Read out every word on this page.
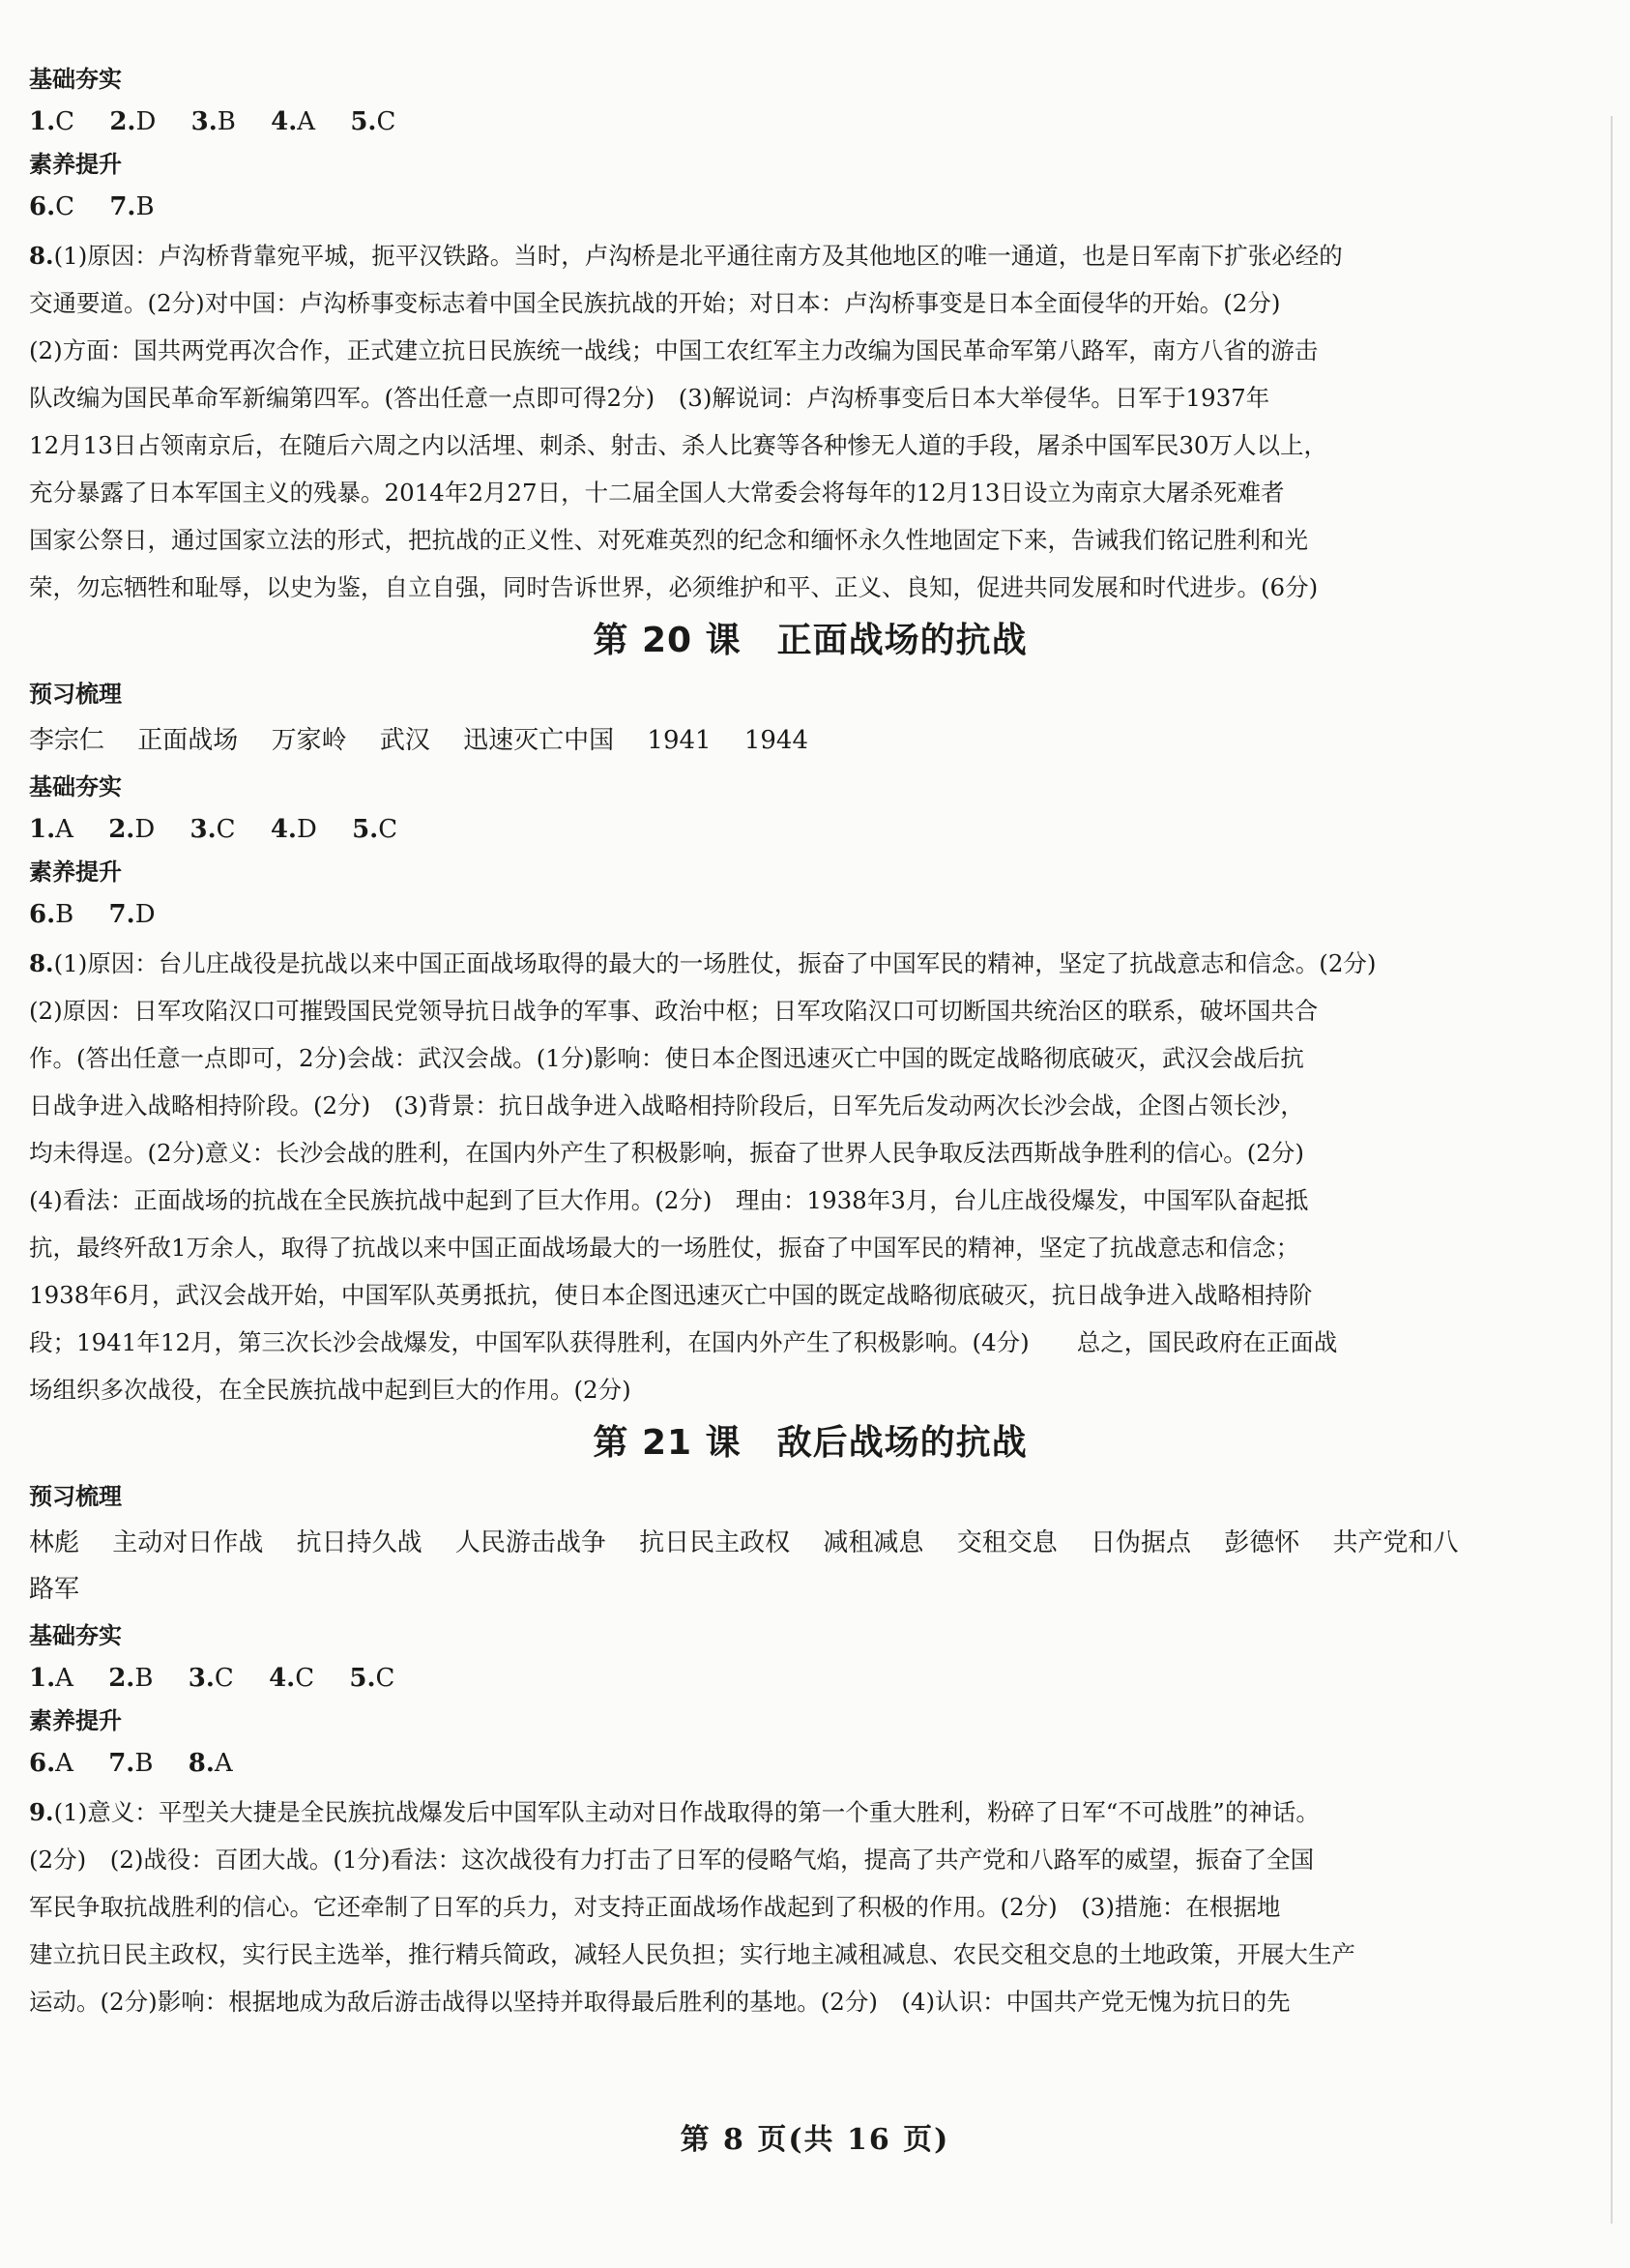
基础夯实
1.C 2.D 3.B 4.A 5.C
素养提升
6.C 7.B
8.(1)原因：卢沟桥背靠宛平城，扼平汉铁路。当时，卢沟桥是北平通往南方及其他地区的唯一通道，也是日军南下扩张必经的
交通要道。(2分)对中国：卢沟桥事变标志着中国全民族抗战的开始；对日本：卢沟桥事变是日本全面侵华的开始。(2分)
(2)方面：国共两党再次合作，正式建立抗日民族统一战线；中国工农红军主力改编为国民革命军第八路军，南方八省的游击
队改编为国民革命军新编第四军。(答出任意一点即可得2分)　(3)解说词：卢沟桥事变后日本大举侵华。日军于1937年
12月13日占领南京后，在随后六周之内以活埋、刺杀、射击、杀人比赛等各种惨无人道的手段，屠杀中国军民30万人以上，
充分暴露了日本军国主义的残暴。2014年2月27日，十二届全国人大常委会将每年的12月13日设立为南京大屠杀死难者
国家公祭日，通过国家立法的形式，把抗战的正义性、对死难英烈的纪念和缅怀永久性地固定下来，告诫我们铭记胜利和光
荣，勿忘牺牲和耻辱，以史为鉴，自立自强，同时告诉世界，必须维护和平、正义、良知，促进共同发展和时代进步。(6分)
第 20 课　正面战场的抗战
预习梳理
李宗仁 正面战场 万家岭 武汉 迅速灭亡中国 1941 1944
基础夯实
1.A 2.D 3.C 4.D 5.C
素养提升
6.B 7.D
8.(1)原因：台儿庄战役是抗战以来中国正面战场取得的最大的一场胜仗，振奋了中国军民的精神，坚定了抗战意志和信念。(2分)
(2)原因：日军攻陷汉口可摧毁国民党领导抗日战争的军事、政治中枢；日军攻陷汉口可切断国共统治区的联系，破坏国共合
作。(答出任意一点即可，2分)会战：武汉会战。(1分)影响：使日本企图迅速灭亡中国的既定战略彻底破灭，武汉会战后抗
日战争进入战略相持阶段。(2分)　(3)背景：抗日战争进入战略相持阶段后，日军先后发动两次长沙会战，企图占领长沙，
均未得逞。(2分)意义：长沙会战的胜利，在国内外产生了积极影响，振奋了世界人民争取反法西斯战争胜利的信心。(2分)
(4)看法：正面战场的抗战在全民族抗战中起到了巨大作用。(2分)　理由：1938年3月，台儿庄战役爆发，中国军队奋起抵
抗，最终歼敌1万余人，取得了抗战以来中国正面战场最大的一场胜仗，振奋了中国军民的精神，坚定了抗战意志和信念；
1938年6月，武汉会战开始，中国军队英勇抵抗，使日本企图迅速灭亡中国的既定战略彻底破灭，抗日战争进入战略相持阶
段；1941年12月，第三次长沙会战爆发，中国军队获得胜利，在国内外产生了积极影响。(4分)　　总之，国民政府在正面战
场组织多次战役，在全民族抗战中起到巨大的作用。(2分)
第 21 课　敌后战场的抗战
预习梳理
林彪 主动对日作战 抗日持久战 人民游击战争 抗日民主政权 减租减息 交租交息 日伪据点 彭德怀 共产党和八
路军
基础夯实
1.A 2.B 3.C 4.C 5.C
素养提升
6.A 7.B 8.A
9.(1)意义：平型关大捷是全民族抗战爆发后中国军队主动对日作战取得的第一个重大胜利，粉碎了日军“不可战胜”的神话。
(2分)　(2)战役：百团大战。(1分)看法：这次战役有力打击了日军的侵略气焰，提高了共产党和八路军的威望，振奋了全国
军民争取抗战胜利的信心。它还牵制了日军的兵力，对支持正面战场作战起到了积极的作用。(2分)　(3)措施：在根据地
建立抗日民主政权，实行民主选举，推行精兵简政，减轻人民负担；实行地主减租减息、农民交租交息的土地政策，开展大生产
运动。(2分)影响：根据地成为敌后游击战得以坚持并取得最后胜利的基地。(2分)　(4)认识：中国共产党无愧为抗日的先
第 8 页(共 16 页)
